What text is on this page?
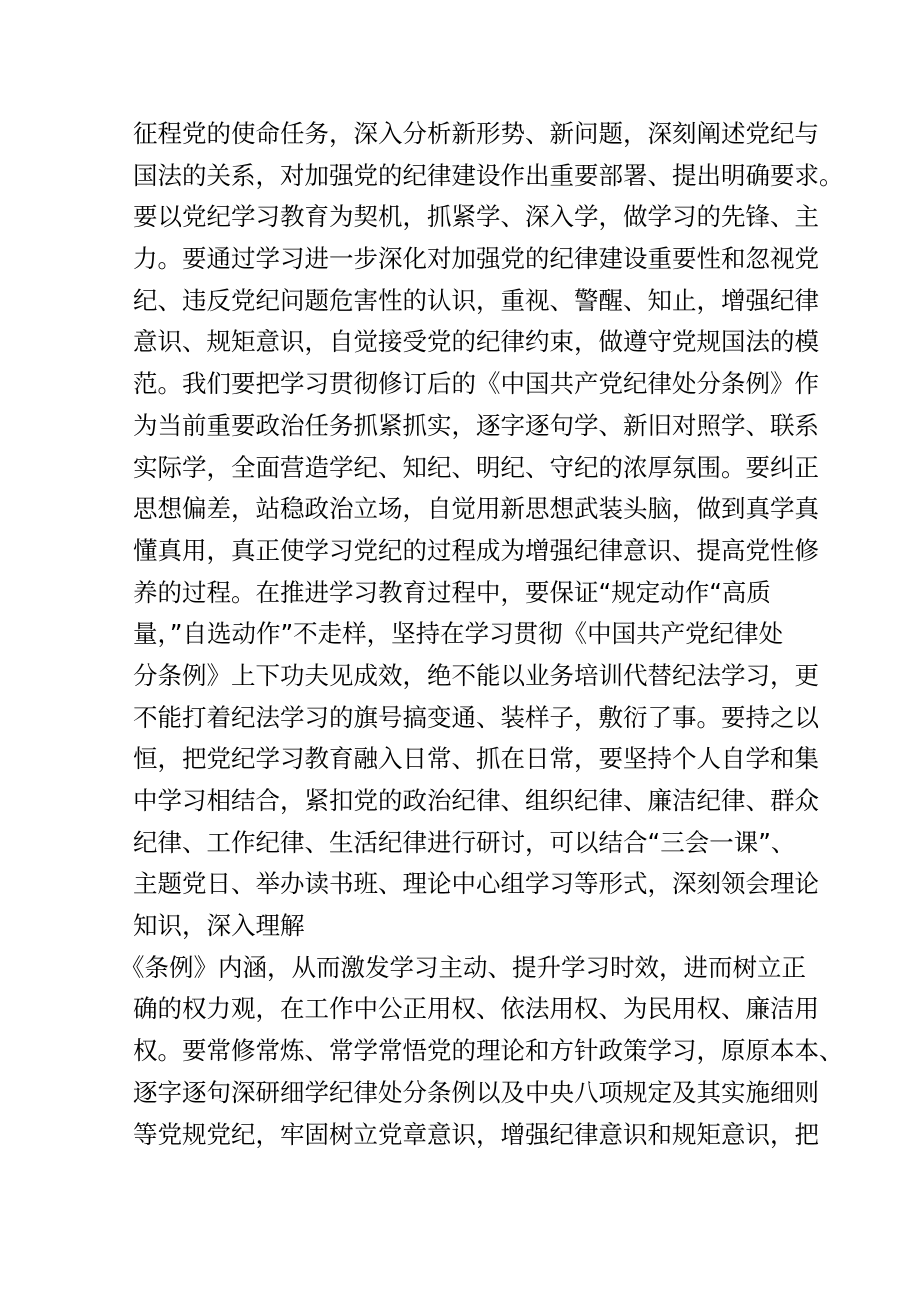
征程党的使命任务，深入分析新形势、新问题，深刻阐述党纪与
国法的关系，对加强党的纪律建设作出重要部署、提出明确要求。
要以党纪学习教育为契机，抓紧学、深入学，做学习的先锋、主
力。要通过学习进一步深化对加强党的纪律建设重要性和忽视党
纪、违反党纪问题危害性的认识，重视、警醒、知止，增强纪律
意识、规矩意识，自觉接受党的纪律约束，做遵守党规国法的模
范。我们要把学习贯彻修订后的《中国共产党纪律处分条例》作
为当前重要政治任务抓紧抓实，逐字逐句学、新旧对照学、联系
实际学，全面营造学纪、知纪、明纪、守纪的浓厚氛围。要纠正
思想偏差，站稳政治立场，自觉用新思想武装头脑，做到真学真
懂真用，真正使学习党纪的过程成为增强纪律意识、提高党性修
养的过程。在推进学习教育过程中，要保证“规定动作“高质
量，”自选动作”不走样，坚持在学习贯彻《中国共产党纪律处
分条例》上下功夫见成效，绝不能以业务培训代替纪法学习，更
不能打着纪法学习的旗号搞变通、装样子，敷衍了事。要持之以
恒，把党纪学习教育融入日常、抓在日常，要坚持个人自学和集
中学习相结合，紧扣党的政治纪律、组织纪律、廉洁纪律、群众
纪律、工作纪律、生活纪律进行研讨，可以结合“三会一课”、
主题党日、举办读书班、理论中心组学习等形式，深刻领会理论
知识，深入理解
《条例》内涵，从而激发学习主动、提升学习时效，进而树立正
确的权力观，在工作中公正用权、依法用权、为民用权、廉洁用
权。要常修常炼、常学常悟党的理论和方针政策学习，原原本本、
逐字逐句深研细学纪律处分条例以及中央八项规定及其实施细则
等党规党纪，牢固树立党章意识，增强纪律意识和规矩意识，把
